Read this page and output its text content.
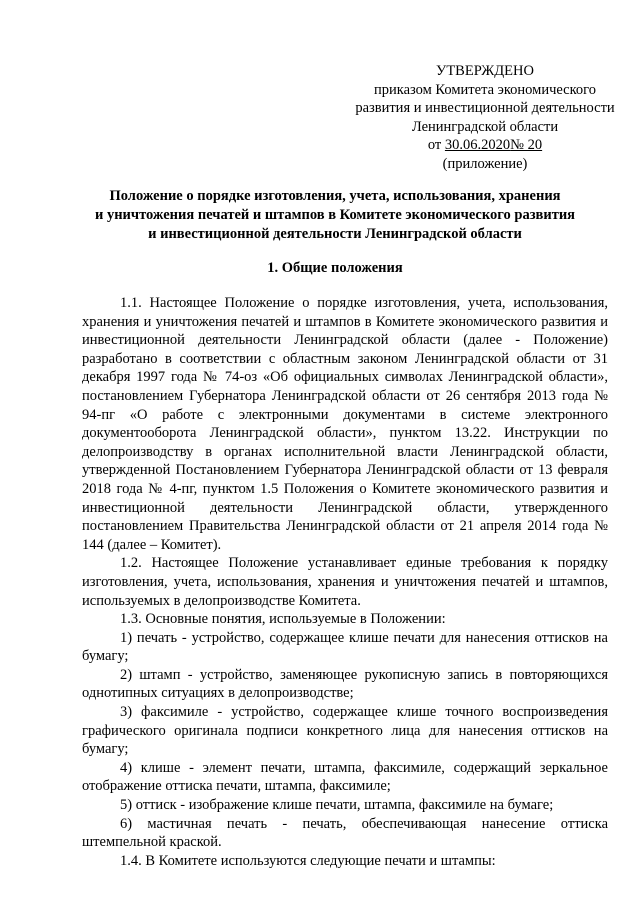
УТВЕРЖДЕНО
приказом Комитета экономического
развития и инвестиционной деятельности
Ленинградской области
от 30.06.2020№ 20
(приложение)
Положение о порядке изготовления, учета, использования, хранения
и уничтожения печатей и штампов в Комитете экономического развития
и инвестиционной деятельности Ленинградской области
1. Общие положения

1.1. Настоящее Положение о порядке изготовления, учета, использования, хранения и уничтожения печатей и штампов в Комитете экономического развития и инвестиционной деятельности Ленинградской области (далее - Положение) разработано в соответствии с областным законом Ленинградской области от 31 декабря 1997 года № 74-оз «Об официальных символах Ленинградской области», постановлением Губернатора Ленинградской области от 26 сентября 2013 года № 94-пг «О работе с электронными документами в системе электронного документооборота Ленинградской области», пунктом 13.22. Инструкции по делопроизводству в органах исполнительной власти Ленинградской области, утвержденной Постановлением Губернатора Ленинградской области от 13 февраля 2018 года № 4-пг, пунктом 1.5 Положения о Комитете экономического развития и инвестиционной деятельности Ленинградской области, утвержденного постановлением Правительства Ленинградской области от 21 апреля 2014 года № 144 (далее – Комитет).

1.2. Настоящее Положение устанавливает единые требования к порядку изготовления, учета, использования, хранения и уничтожения печатей и штампов, используемых в делопроизводстве Комитета.

1.3. Основные понятия, используемые в Положении:

1) печать - устройство, содержащее клише печати для нанесения оттисков на бумагу;

2) штамп - устройство, заменяющее рукописную запись в повторяющихся однотипных ситуациях в делопроизводстве;

3) факсимиле - устройство, содержащее клише точного воспроизведения графического оригинала подписи конкретного лица для нанесения оттисков на бумагу;

4) клише - элемент печати, штампа, факсимиле, содержащий зеркальное отображение оттиска печати, штампа, факсимиле;

5) оттиск - изображение клише печати, штампа, факсимиле на бумаге;

6) мастичная печать - печать, обеспечивающая нанесение оттиска штемпельной краской.

1.4. В Комитете используются следующие печати и штампы:
